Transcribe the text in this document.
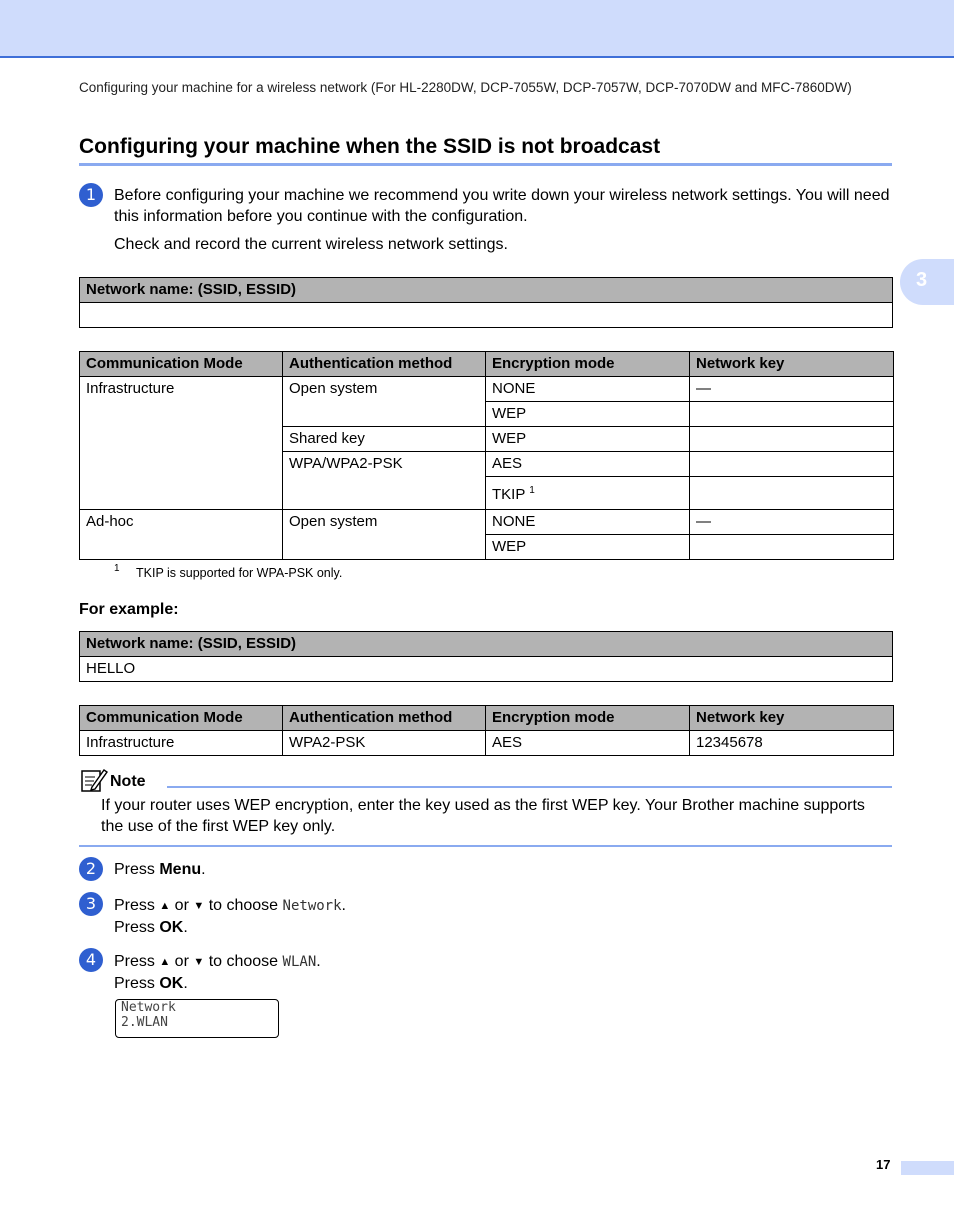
Configuring your machine for a wireless network (For HL-2280DW, DCP-7055W, DCP-7057W, DCP-7070DW and MFC-7860DW)
Configuring your machine when the SSID is not broadcast
3
1	Before configuring your machine we recommend you write down your wireless network settings. You will need this information before you continue with the configuration.
Check and record the current wireless network settings.
Network name: (SSID, ESSID)

Communication Mode	Authentication method	Encryption mode	Network key
Infrastructure	Open system	NONE	—
		WEP	
	Shared key	WEP	
	WPA/WPA2-PSK	AES	
		TKIP $^1$	
Ad-hoc	Open system	NONE	—
		WEP	
1 TKIP is supported for WPA-PSK only.
For example:
Network name: (SSID, ESSID)
HELLO
Communication Mode	Authentication method	Encryption mode	Network key
Infrastructure	WPA2-PSK	AES	12345678
Note
If your router uses WEP encryption, enter the key used as the first WEP key. Your Brother machine supports the use of the first WEP key only.
2	Press Menu.
3	Press ▲ or ▼ to choose Network.
Press OK.
4	Press ▲ or ▼ to choose WLAN.
Press OK.
Network
2.WLAN
17
